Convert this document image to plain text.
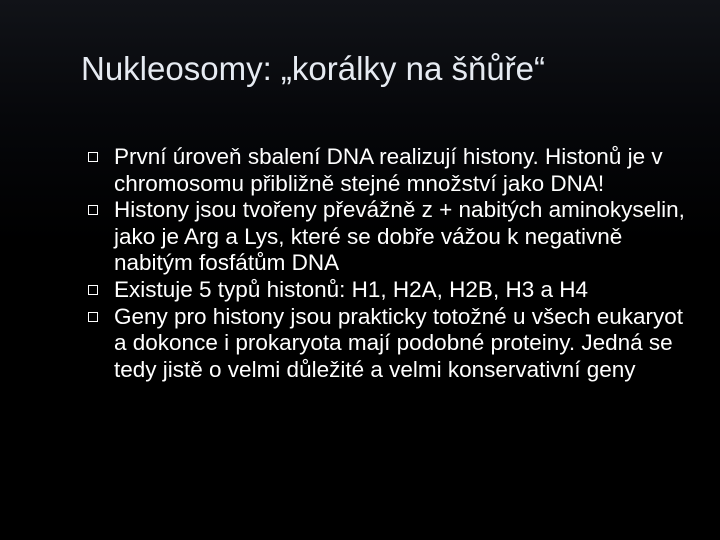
Nukleosomy: „korálky na šňůře“
První úroveň sbalení DNA realizují histony. Histonů je v chromosomu přibližně stejné množství jako DNA!
Histony jsou tvořeny převážně z + nabitých aminokyselin, jako je Arg a Lys, které se dobře vážou k negativně nabitým fosfátům DNA
Existuje 5 typů histonů: H1, H2A, H2B, H3 a H4
Geny pro histony jsou prakticky totožné u všech eukaryot a dokonce i prokaryota mají podobné proteiny. Jedná se tedy jistě o velmi důležité a velmi konservativní geny
